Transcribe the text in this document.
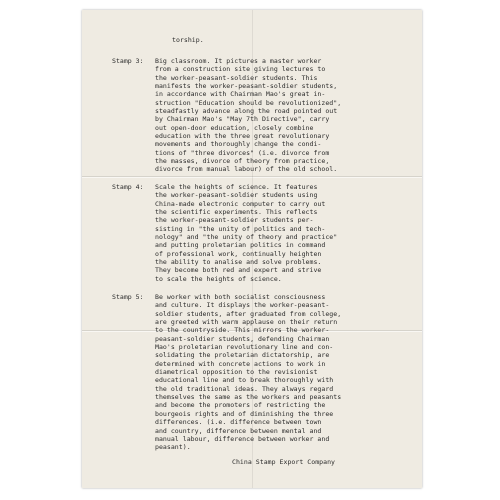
torship.
Stamp 3: Big classroom. It pictures a master worker
from a construction site giving lectures to
the worker-peasant-soldier students. This
manifests the worker-peasant-soldier students,
in accordance with Chairman Mao's great in-
struction "Education should be revolutionized",
steadfastly advance along the road pointed out
by Chairman Mao's "May 7th Directive", carry
out open-door education, closely combine
education with the three great revolutionary
movements and thoroughly change the condi-
tions of "three divorces" (i.e. divorce from
the masses, divorce of theory from practice,
divorce from manual labour) of the old school.
Stamp 4: Scale the heights of science. It features
the worker-peasant-soldier students using
China-made electronic computer to carry out
the scientific experiments. This reflects
the worker-peasant-soldier students per-
sisting in "the unity of politics and tech-
nology" and "the unity of theory and practice"
and putting proletarian politics in command
of professional work, continually heighten
the ability to analise and solve problems.
They become both red and expert and strive
to scale the heights of science.
Stamp 5: Be worker with both socialist consciousness
and culture. It displays the worker-peasant-
soldier students, after graduated from college,
are greeted with warm applause on their return
to the countryside. This mirrors the worker-
peasant-soldier students, defending Chairman
Mao's proletarian revolutionary line and con-
solidating the proletarian dictatorship, are
determined with concrete actions to work in
diametrical opposition to the revisionist
educational line and to break thoroughly with
the old traditional ideas. They always regard
themselves the same as the workers and peasants
and become the promoters of restricting the
bourgeois rights and of diminishing the three
differences. (i.e. difference between town
and country, difference between mental and
manual labour, difference between worker and
peasant).
China Stamp Export Company
